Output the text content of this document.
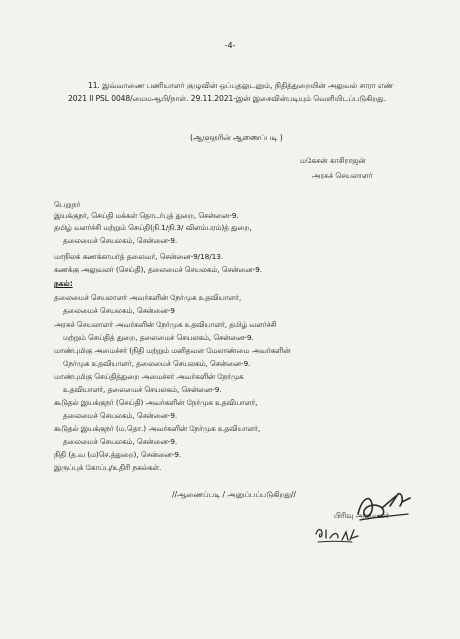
-4-
11. இவ்வாணை பணியாளர் குழுவின் ஒப்புதலுடனும், நிதித்துறையின் அலுவல் சாரா எண் 2021 ll PSL 0048/மைமஆபி/நாள். 29.11.2021-இன் இசைவின்படியும் வெளியிடப்படுகிறது.
(ஆளுநரின் ஆணைப்படி )
மகேசன் காசிராஜன்
அரசுச் செயலாளர்
பெறுநர்
இயக்குநர், செய்தி மக்கள் தொடர்புத் துறை, சென்னை-9.
தமிழ் வளர்ச்சி மற்றும் செய்தி(நி.1/நி.3/ விளம்பரம்)த் துறை,
தலைமைச் செயலகம், சென்னை-9.
மாநிலக் கணக்காயர்த் தலைவர், சென்னை-9/18/13.
கணக்கு அலுவலர் (செய்தி), தலைமைச் செயலகம், சென்னை-9.
நகல்:
தலைமைச் செயலாளர் அவர்களின் நேர்முக உதவியாளர்,
தலைமைச் செயலகம், சென்னை-9
அரசுச் செயலாளர் அவர்களின் நேர்முக உதவியாளர், தமிழ் வளர்ச்சி
மற்றும் செய்தித் துறை, தலைமைச் செயலகம், சென்னை-9.
மாண்புமிகு அமைச்சர் (நிதி மற்றும் மனிதவள மேலாண்மை அவர்களின்
நேர்முக உதவியாளர், தலைமைச் செயலகம், சென்னை-9.
மாண்புமிகு செய்தித்துறை அமைச்சர் அவர்களின் நேர்முக
உதவியாளர், தலைமைச் செயலகம், சென்னை-9.
கூடுதல் இயக்குநர் (செய்தி) அவர்களின் நேர்முக உதவியாளர்,
தலைமைச் செயலகம், சென்னை-9.
கூடுதல் இயக்குநர் (ம.தொ.) அவர்களின் நேர்முக உதவியாளர்,
தலைமைச் செயலகம், சென்னை-9.
நிதி (த.வ (ம)செ.த்துறை), சென்னை-9.
இருப்புக் கோப்பு/உதிரி நகல்கள்.
//ஆணைப்படி / அனுப்பப்படுகிறது//
பிரிவு அலுவலர்
